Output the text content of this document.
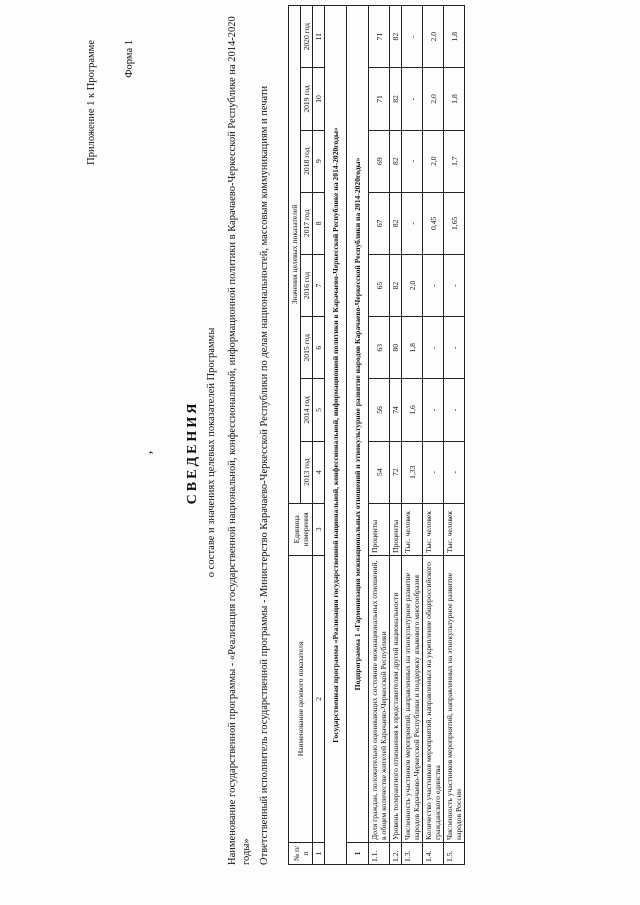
Приложение 1 к Программе	Форма 1
, СВЕДЕНИЯ о составе и значениях целевых показателей Программы Наименование государственной программы - «Реализация государственной национальной, конфессиональной, информационной политики в Карачаево-Черкесской Республике на 2014-2020 годы» Ответственный исполнитель государственной программы - Министерство Карачаево-Черкесской Республики по делам национальностей, массовым коммуникациям и печати	№ п/п	Наименование целевого показателя	Единица измерения	Значения целевых показателей							
			2013 год	2014 год	2015 год	2016 год	2017 год	2018 год	2019 год	2020 год
1	2	3	4	5	6	7	8	9	10	11
Государственная программа «Реализация государственной национальной, конфессиональной, информационной политики в Карачаево-Черкесской Республике на 2014-2020годы»										
1	Подпрограмма 1 «Гармонизация межнациональных отношений и этнокультурное развитие народов Карачаево-Черкесской Республики на 2014-2020годы»									
1.1.	Доля граждан, положительно оценивающих состояние межнациональных отношений, в общем количестве жителей Карачаево-Черкесской Республики	Проценты	54	56	63	65	67	69	71	71
1.2.	Уровень толерантного отношения к представителям другой национальности	Проценты	72	74	80	82	82	82	82	82
1.3.	Численность участников мероприятий, направленных на этнокультурное развитие народов Карачаево-Черкесской Республики и поддержку языкового многообразия	Тыс. человек	1,33	1,6	1,8	2,0	-	-	-	-
1.4.	Количество участников мероприятий, направленных на укрепление общероссийского гражданского единства	Тыс. человек	-	-	-	-	0,45	2,0	2,0	2,0
1.5.	Численность участников мероприятий, направленных на этнокультурное развитие народов России	Тыс. человек	-	-	-	-	1,65	1,7	1,8	1,8
